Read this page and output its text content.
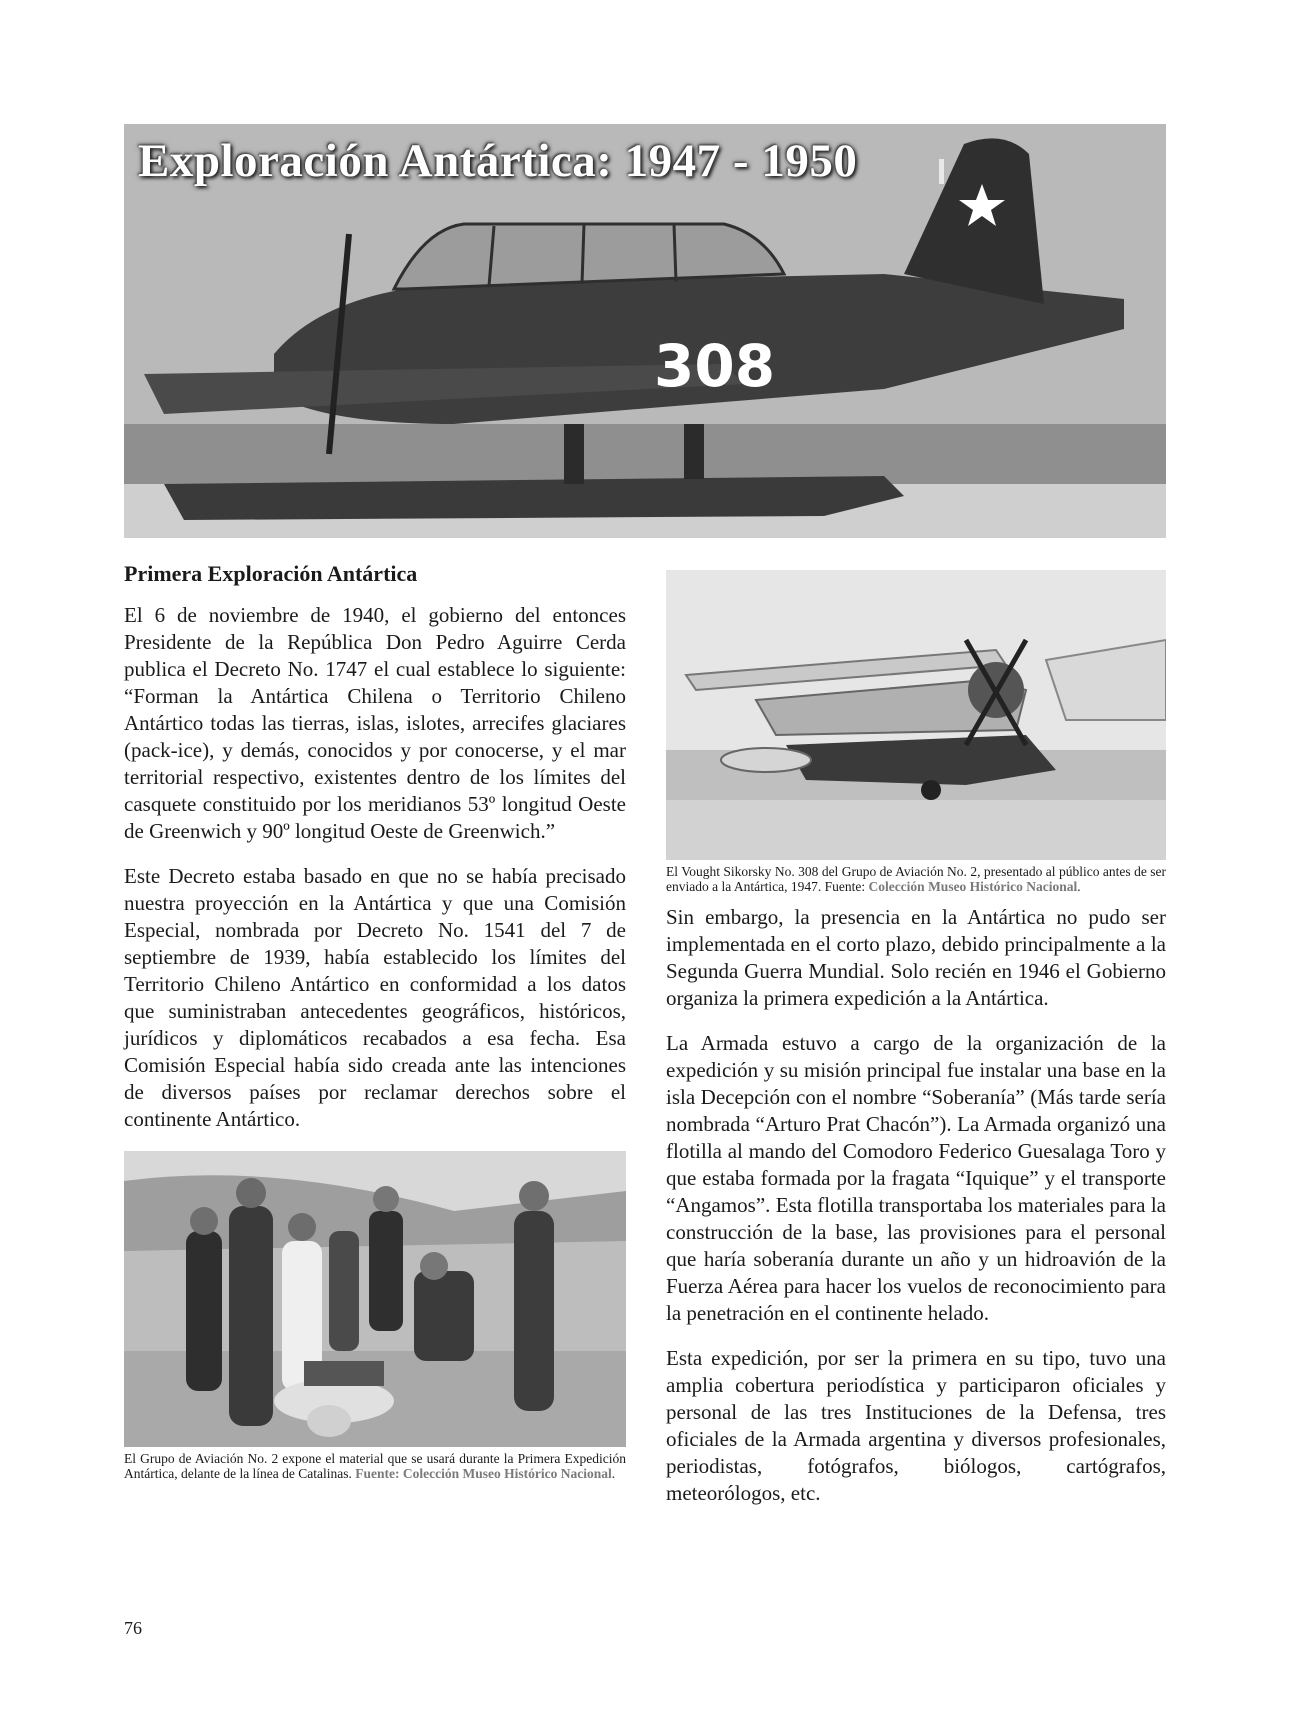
308
Exploración Antártica: 1947 - 1950
Primera Exploración Antártica

El 6 de noviembre de 1940, el gobierno del entonces Presidente de la República Don Pedro Aguirre Cerda publica el Decreto No. 1747 el cual establece lo siguiente: “Forman la Antártica Chilena o Territorio Chileno Antártico todas las tierras, islas, islotes, arrecifes glaciares (pack-ice), y demás, conocidos y por conocerse, y el mar territorial respectivo, existentes dentro de los límites del casquete constituido por los meridianos 53º longitud Oeste de Greenwich y 90º longitud Oeste de Greenwich.”

Este Decreto estaba basado en que no se había precisado nuestra proyección en la Antártica y que una Comisión Especial, nombrada por Decreto No. 1541 del 7 de septiembre de 1939, había establecido los límites del Territorio Chileno Antártico en conformidad a los datos que suministraban antecedentes geográficos, históricos, jurídicos y diplomáticos recabados a esa fecha. Esa Comisión Especial había sido creada ante las intenciones de diversos países por reclamar derechos sobre el continente Antártico.

El Grupo de Aviación No. 2 expone el material que se usará durante la Primera Expedición Antártica, delante de la línea de Catalinas. Fuente: Colección Museo Histórico Nacional.

El Vought Sikorsky No. 308 del Grupo de Aviación No. 2, presentado al público antes de ser enviado a la Antártica, 1947. Fuente: Colección Museo Histórico Nacional.

Sin embargo, la presencia en la Antártica no pudo ser implementada en el corto plazo, debido principalmente a la Segunda Guerra Mundial. Solo recién en 1946 el Gobierno organiza la primera expedición a la Antártica.

La Armada estuvo a cargo de la organización de la expedición y su misión principal fue instalar una base en la isla Decepción con el nombre “Soberanía” (Más tarde sería nombrada “Arturo Prat Chacón”). La Armada organizó una flotilla al mando del Comodoro Federico Guesalaga Toro y que estaba formada por la fragata “Iquique” y el transporte “Angamos”. Esta flotilla transportaba los materiales para la construcción de la base, las provisiones para el personal que haría soberanía durante un año y un hidroavión de la Fuerza Aérea para hacer los vuelos de reconocimiento para la penetración en el continente helado.

Esta expedición, por ser la primera en su tipo, tuvo una amplia cobertura periodística y participaron oficiales y personal de las tres Instituciones de la Defensa, tres oficiales de la Armada argentina y diversos profesionales, periodistas, fotógrafos, biólogos, cartógrafos, meteorólogos, etc.

76
